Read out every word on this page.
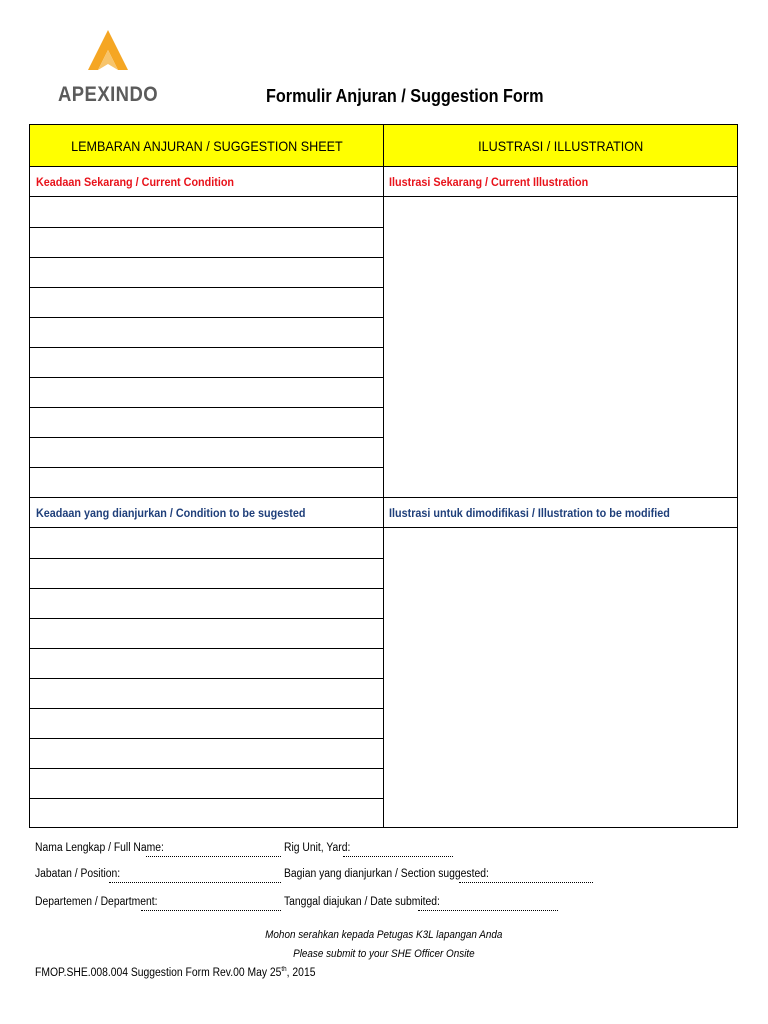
APEXINDO	Formulir Anjuran / Suggestion Form
LEMBARAN ANJURAN / SUGGESTION SHEET	ILUSTRASI / ILLUSTRATION
Keadaan Sekarang / Current Condition	Ilustrasi Sekarang / Current Illustration
Keadaan yang dianjurkan / Condition to be sugested	Ilustrasi untuk dimodifikasi / Illustration to be modified
Nama Lengkap / Full Name:	Rig Unit, Yard:
Jabatan / Position:	Bagian yang dianjurkan / Section suggested:
Departemen / Department:	Tanggal diajukan / Date submited:
Mohon serahkan kepada Petugas K3L lapangan Anda
Please submit to your SHE Officer Onsite
FMOP.SHE.008.004 Suggestion Form Rev.00 May 25th, 2015
